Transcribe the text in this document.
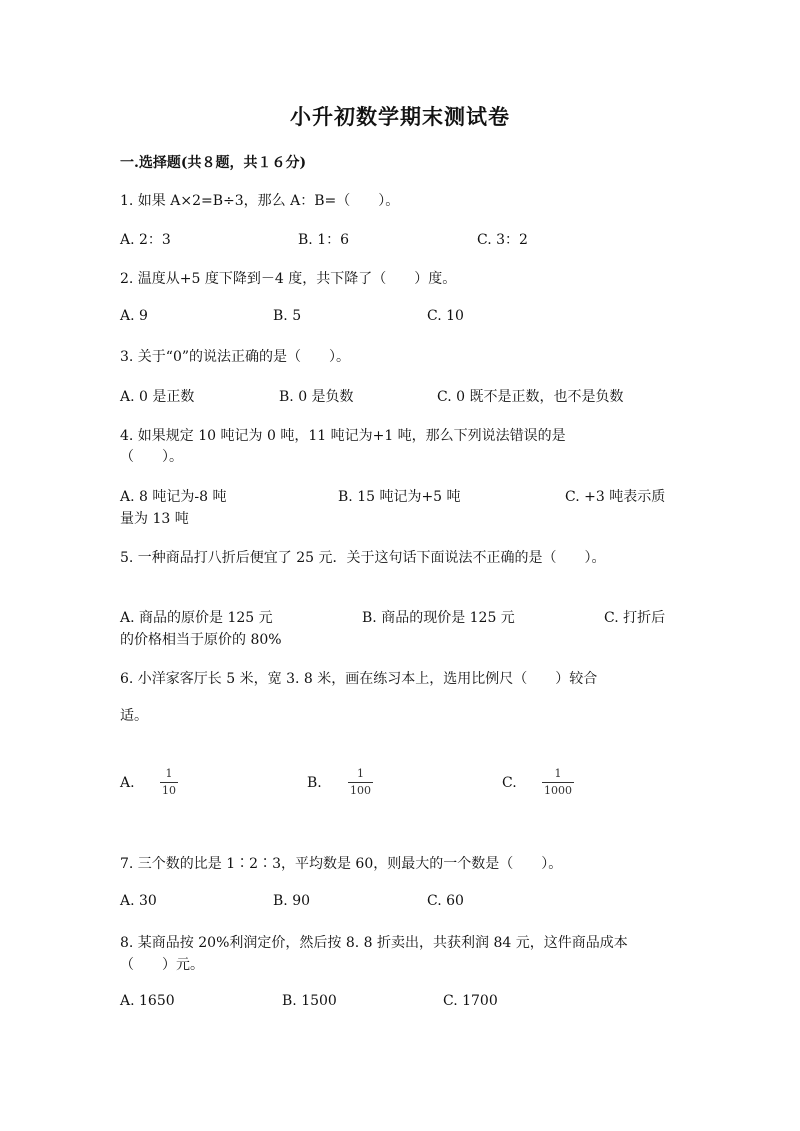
小升初数学期末测试卷
一.选择题(共８题，共１６分)
1. 如果 A×2=B÷3，那么 A：B=（　　）。
A. 2：3	B. 1：6	C. 3：2
2. 温度从+5 度下降到－4 度，共下降了（　　）度。
A. 9	B. 5	C. 10
3. 关于“0”的说法正确的是（　　）。
A. 0 是正数	B. 0 是负数	C. 0 既不是正数，也不是负数
4. 如果规定 10 吨记为 0 吨，11 吨记为+1 吨，那么下列说法错误的是
（　　）。
A. 8 吨记为-8 吨	B. 15 吨记为+5 吨	C. +3 吨表示质
量为 13 吨
5. 一种商品打八折后便宜了 25 元．关于这句话下面说法不正确的是（　　）。
A. 商品的原价是 125 元	B. 商品的现价是 125 元	C. 打折后
的价格相当于原价的 80%
6. 小洋家客厅长 5 米，宽 3. 8 米，画在练习本上，选用比例尺（　　）较合
适。
A.
1
10	B.
1
100	C.
1
1000
7. 三个数的比是 1∶2∶3，平均数是 60，则最大的一个数是（　　）。
A. 30	B. 90	C. 60
8. 某商品按 20%利润定价，然后按 8. 8 折卖出，共获利润 84 元，这件商品成本
（　　）元。
A. 1650	B. 1500	C. 1700
